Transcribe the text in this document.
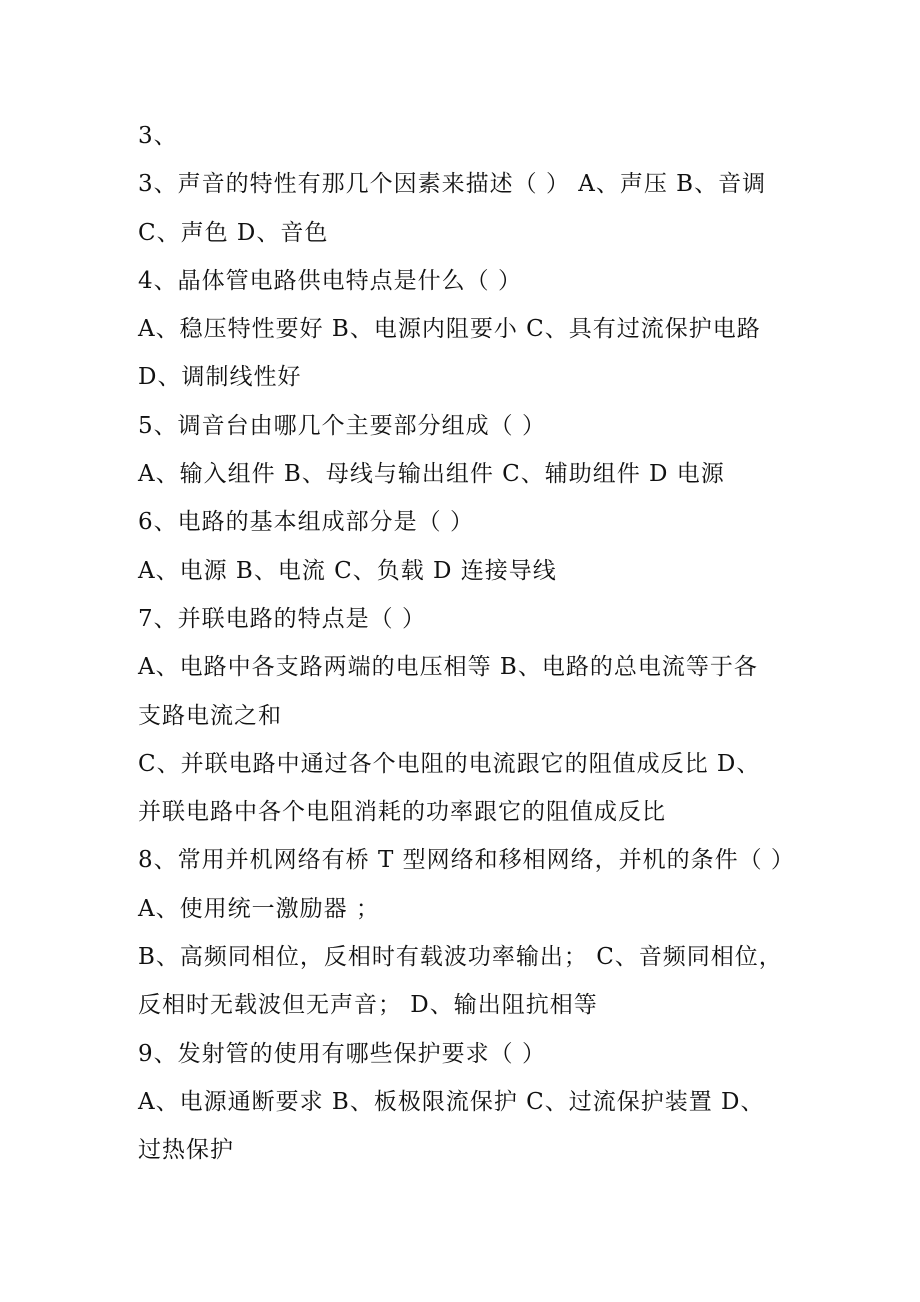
3、
3、声音的特性有那几个因素来描述（ ） A、声压 B、音调
C、声色 D、音色
4、晶体管电路供电特点是什么（ ）
A、稳压特性要好 B、电源内阻要小 C、具有过流保护电路
D、调制线性好
5、调音台由哪几个主要部分组成（ ）
A、输入组件 B、母线与输出组件 C、辅助组件 D 电源
6、电路的基本组成部分是（ ）
A、电源 B、电流 C、负载 D 连接导线
7、并联电路的特点是（ ）
A、电路中各支路两端的电压相等 B、电路的总电流等于各
支路电流之和
C、并联电路中通过各个电阻的电流跟它的阻值成反比 D、
并联电路中各个电阻消耗的功率跟它的阻值成反比
8、常用并机网络有桥 T 型网络和移相网络，并机的条件（ ）
A、使用统一激励器 ；
B、高频同相位，反相时有载波功率输出； C、音频同相位，
反相时无载波但无声音； D、输出阻抗相等
9、发射管的使用有哪些保护要求（ ）
A、电源通断要求 B、板极限流保护 C、过流保护装置 D、
过热保护
